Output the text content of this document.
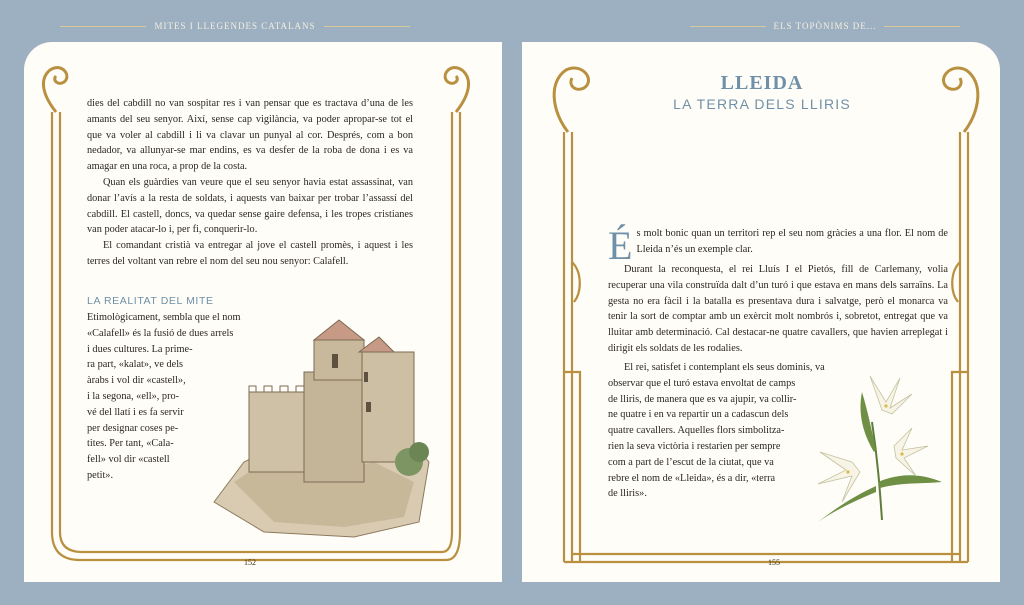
MITES I LLEGENDES CATALANS	ELS TOPÒNIMS DE...

dies del cabdill no van sospitar res i van pensar que es tractava d’una de les amants del seu senyor. Així, sense cap vigilància, va poder apropar-se tot el que va voler al cabdill i li va clavar un punyal al cor. Després, com a bon nedador, va allunyar-se mar endins, es va desfer de la roba de dona i es va amagar en una roca, a prop de la costa.

Quan els guàrdies van veure que el seu senyor havia estat assassinat, van donar l’avís a la resta de soldats, i aquests van baixar per trobar l’assassí del cabdill. El castell, doncs, va quedar sense gaire defensa, i les tropes cristianes van poder atacar-lo i, per fi, conquerir-lo.

El comandant cristià va entregar al jove el castell promès, i aquest i les terres del voltant van rebre el nom del seu nou senyor: Calafell.

LA REALITAT DEL MITE
Etimològicament, sembla que el nom
«Calafell» és la fusió de dues arrels
i dues cultures. La prime-
ra part, «kalat», ve dels
àrabs i vol dir «castell»,
i la segona, «ell», pro-
vé del llatí i es fa servir
per designar coses pe-
tites. Per tant, «Cala-
fell» vol dir «castell
petit».
152
LLEIDA
LA TERRA DELS LLIRIS

És molt bonic quan un territori rep el seu nom gràcies a una flor. El nom de Lleida n’és un exemple clar.

Durant la reconquesta, el rei Lluís I el Pietós, fill de Carlemany, volia recuperar una vila construïda dalt d’un turó i que estava en mans dels sarraïns. La gesta no era fàcil i la batalla es presentava dura i salvatge, però el monarca va tenir la sort de comptar amb un exèrcit molt nombrós i, sobretot, entregat que va lluitar amb determinació. Cal destacar-ne quatre cavallers, que havien arreplegat i dirigit els soldats de les rodalies.

El rei, satisfet i contemplant els seus dominis, va
observar que el turó estava envoltat de camps
de lliris, de manera que es va ajupir, va collir-
ne quatre i en va repartir un a cadascun dels
quatre cavallers. Aquelles flors simbolitza-
rien la seva victòria i restarien per sempre
com a part de l’escut de la ciutat, que va
rebre el nom de «Lleida», és a dir, «terra
de lliris».
155
